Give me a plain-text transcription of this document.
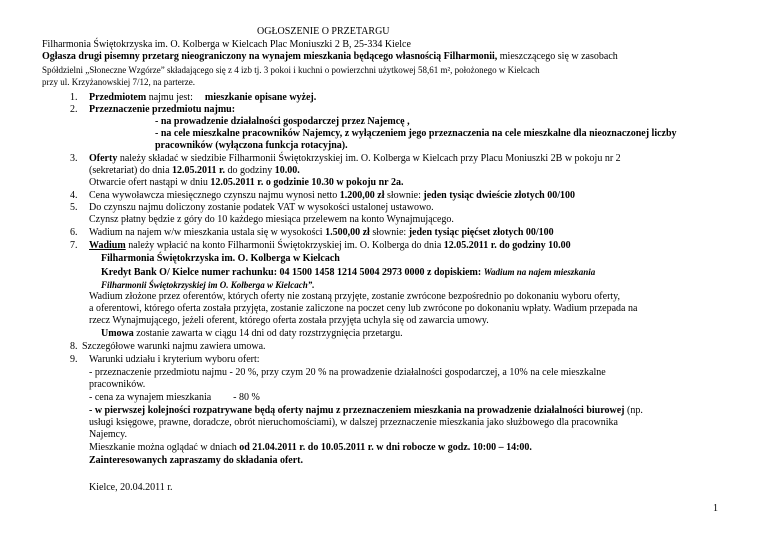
OGŁOSZENIE O PRZETARGU
Filharmonia Świętokrzyska im. O. Kolberga w Kielcach Plac Moniuszki 2 B, 25-334 Kielce
Ogłasza drugi pisemny przetarg nieograniczony na wynajem mieszkania będącego własnością Filharmonii, mieszczącego się w zasobach
Spółdzielni „Słoneczne Wzgórze” składającego się z 4 izb tj. 3 pokoi i kuchni o powierzchni użytkowej 58,61 m², położonego w Kielcach
przy ul. Krzyżanowskiej 7/12, na parterze.
1. Przedmiotem najmu jest: mieszkanie opisane wyżej.
2. Przeznaczenie przedmiotu najmu:
- na prowadzenie działalności gospodarczej przez Najemcę ,
- na cele mieszkalne pracowników Najemcy, z wyłączeniem jego przeznaczenia na cele mieszkalne dla nieoznaczonej liczby
pracowników (wyłączona funkcja rotacyjna).
3. Oferty należy składać w siedzibie Filharmonii Świętokrzyskiej im. O. Kolberga w Kielcach przy Placu Moniuszki 2B w pokoju nr 2
(sekretariat) do dnia 12.05.2011 r. do godziny 10.00.
Otwarcie ofert nastąpi w dniu 12.05.2011 r. o godzinie 10.30 w pokoju nr 2a.
4. Cena wywoławcza miesięcznego czynszu najmu wynosi netto 1.200,00 zł słownie: jeden tysiąc dwieście złotych 00/100
5. Do czynszu najmu doliczony zostanie podatek VAT w wysokości ustalonej ustawowo.
Czynsz płatny będzie z góry do 10 każdego miesiąca przelewem na konto Wynajmującego.
6. Wadium na najem w/w mieszkania ustala się w wysokości 1.500,00 zł słownie: jeden tysiąc pięćset złotych 00/100
7. Wadium należy wpłacić na konto Filharmonii Świętokrzyskiej im. O. Kolberga do dnia 12.05.2011 r. do godziny 10.00
Filharmonia Świętokrzyska im. O. Kolberga w Kielcach
Kredyt Bank O/ Kielce numer rachunku: 04 1500 1458 1214 5004 2973 0000 z dopiskiem: Wadium na najem mieszkania
Filharmonii Świętokrzyskiej im O. Kolberga w Kielcach”.
Wadium złożone przez oferentów, których oferty nie zostaną przyjęte, zostanie zwrócone bezpośrednio po dokonaniu wyboru oferty,
a oferentowi, którego oferta została przyjęta, zostanie zaliczone na poczet ceny lub zwrócone po dokonaniu wpłaty. Wadium przepada na
rzecz Wynajmującego, jeżeli oferent, którego oferta została przyjęta uchyla się od zawarcia umowy.
Umowa zostanie zawarta w ciągu 14 dni od daty rozstrzygnięcia przetargu.
8. Szczegółowe warunki najmu zawiera umowa.
9. Warunki udziału i kryterium wyboru ofert:
- przeznaczenie przedmiotu najmu - 20 %, przy czym 20 % na prowadzenie działalności gospodarczej, a 10% na cele mieszkalne
pracowników.
- cena za wynajem mieszkania - 80 %
- w pierwszej kolejności rozpatrywane będą oferty najmu z przeznaczeniem mieszkania na prowadzenie działalności biurowej (np.
usługi księgowe, prawne, doradcze, obrót nieruchomościami), w dalszej przeznaczenie mieszkania jako służbowego dla pracownika
Najemcy.
Mieszkanie można oglądać w dniach od 21.04.2011 r. do 10.05.2011 r. w dni robocze w godz. 10:00 – 14:00.
Zainteresowanych zapraszamy do składania ofert.
Kielce, 20.04.2011 r.
1
